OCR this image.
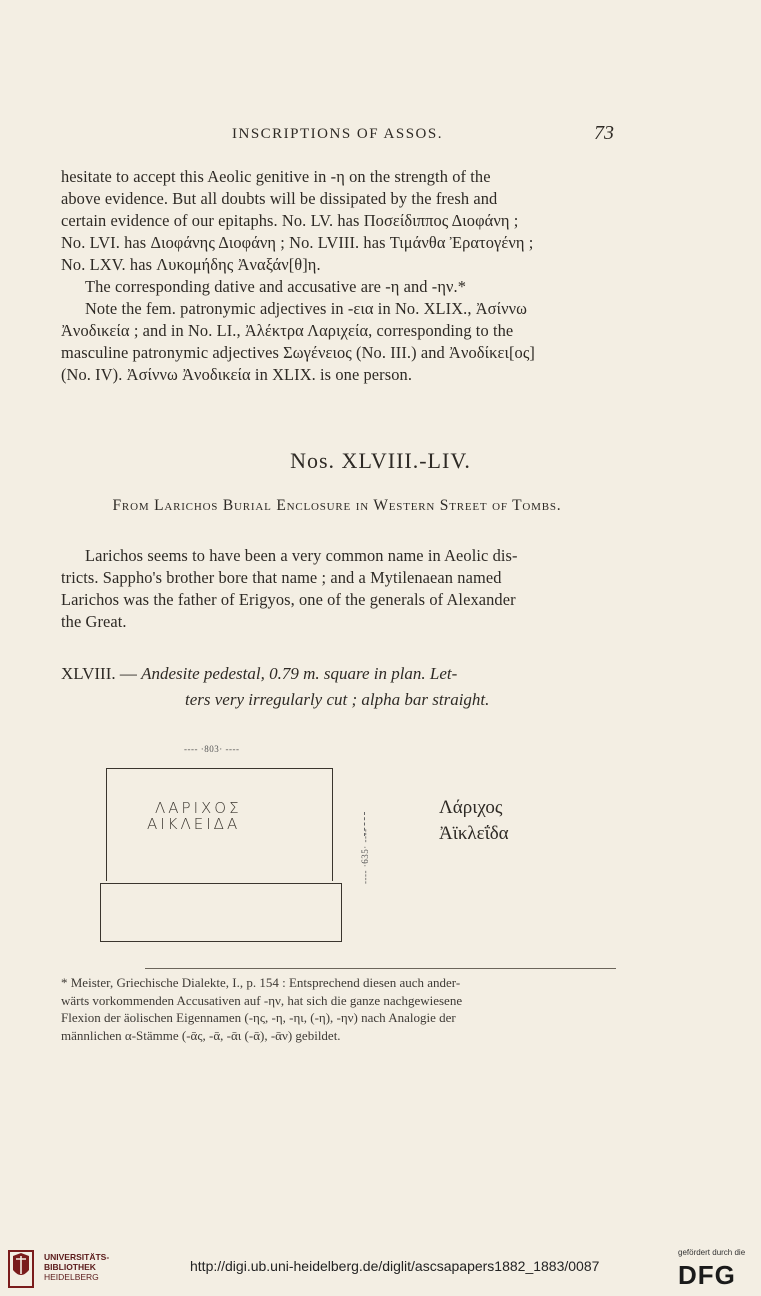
INSCRIPTIONS OF ASSOS.	73
hesitate to accept this Aeolic genitive in -η on the strength of the
above evidence. But all doubts will be dissipated by the fresh and
certain evidence of our epitaphs. No. LV. has Ποσείδιππος Διοφάνη ;
No. LVI. has Διοφάνης Διοφάνη ; No. LVIII. has Τιμάνθα Ἐρατογένη ;
No. LXV. has Λυκομήδης Ἀναξάν[θ]η.
The corresponding dative and accusative are -η and -ην.*
Note the fem. patronymic adjectives in -εια in No. XLIX., Ἀσίννω
Ἀνοδικεία ; and in No. LI., Ἀλέκτρα Λαριχεία, corresponding to the
masculine patronymic adjectives Σωγένειος (No. III.) and Ἀνοδίκει[ος]
(No. IV). Ἀσίννω Ἀνοδικεία in XLIX. is one person.
Nos. XLVIII.-LIV.
From Larichos Burial Enclosure in Western Street of Tombs.
Larichos seems to have been a very common name in Aeolic dis-
tricts. Sappho's brother bore that name ; and a Mytilenaean named
Larichos was the father of Erigyos, one of the generals of Alexander
the Great.
XLVIII. — Andesite pedestal, 0.79 m. square in plan. Let-
ters very irregularly cut ; alpha bar straight.
---- ·803· ----
ΛΑΡΙΧΟΣ
ΑΙΚΛΕΙΔΑ
---- ·635· ----
Λάριχος
Ἀϊκλεΐδα
* Meister, Griechische Dialekte, I., p. 154 : Entsprechend diesen auch ander-
wärts vorkommenden Accusativen auf -ην, hat sich die ganze nachgewiesene
Flexion der äolischen Eigennamen (-ης, -η, -ηι, (-η), -ην) nach Analogie der
männlichen α-Stämme (-ᾱς, -ᾱ, -ᾱι (-ᾱ), -ᾱν) gebildet.
UNIVERSITÄTS-
BIBLIOTHEK
HEIDELBERG
http://digi.ub.uni-heidelberg.de/diglit/ascsapapers1882_1883/0087
gefördert durch die
DFG
